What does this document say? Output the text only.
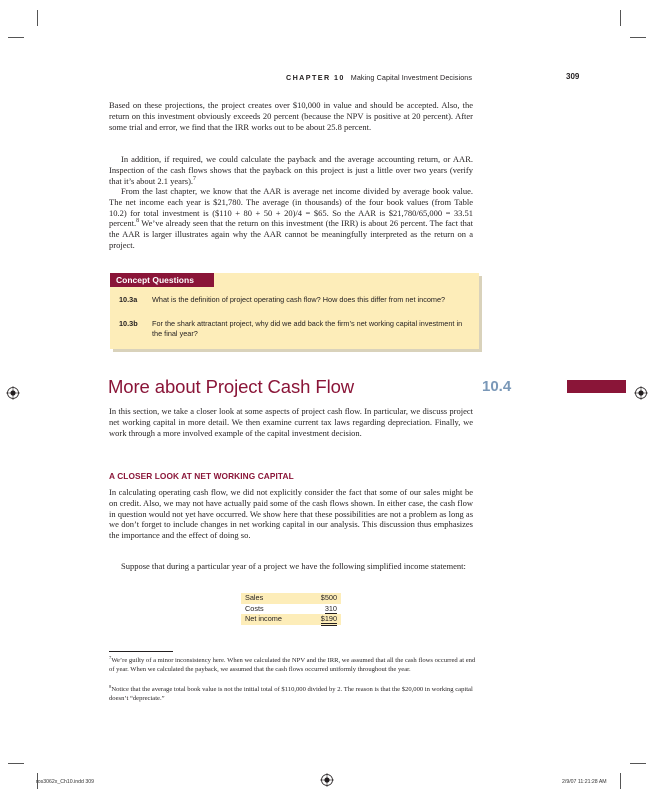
CHAPTER 10 Making Capital Investment Decisions	309

Based on these projections, the project creates over $10,000 in value and should be accepted. Also, the return on this investment obviously exceeds 20 percent (because the NPV is positive at 20 percent). After some trial and error, we find that the IRR works out to be about 25.8 percent.

In addition, if required, we could calculate the payback and the average accounting return, or AAR. Inspection of the cash flows shows that the payback on this project is just a little over two years (verify that it’s about 2.1 years).$^7$

From the last chapter, we know that the AAR is average net income divided by average book value. The net income each year is $21,780. The average (in thousands) of the four book values (from Table 10.2) for total investment is ($110 + 80 + 50 + 20)/4 = $65. So the AAR is $21,780/65,000 = 33.51 percent.$^8$ We’ve already seen that the return on this investment (the IRR) is about 26 percent. The fact that the AAR is larger illustrates again why the AAR cannot be meaningfully interpreted as the return on a project.

Concept Questions
10.3a What is the definition of project operating cash flow? How does this differ from net income?
10.3b For the shark attractant project, why did we add back the firm’s net working capital investment in the final year?
More about Project Cash Flow	10.4

In this section, we take a closer look at some aspects of project cash flow. In particular, we discuss project net working capital in more detail. We then examine current tax laws regarding depreciation. Finally, we work through a more involved example of the capital investment decision.

A CLOSER LOOK AT NET WORKING CAPITAL

In calculating operating cash flow, we did not explicitly consider the fact that some of our sales might be on credit. Also, we may not have actually paid some of the cash flows shown. In either case, the cash flow in question would not yet have occurred. We show here that these possibilities are not a problem as long as we don’t forget to include changes in net working capital in our analysis. This discussion thus emphasizes the importance and the effect of doing so.

Suppose that during a particular year of a project we have the following simplified income statement:

Sales	$500
Costs	310
Net income	$190

$^7$We’re guilty of a minor inconsistency here. When we calculated the NPV and the IRR, we assumed that all the cash flows occurred at end of year. When we calculated the payback, we assumed that the cash flows occurred uniformly throughout the year.

$^8$Notice that the average total book value is not the initial total of $110,000 divided by 2. The reason is that the $20,000 in working capital doesn’t “depreciate.”

ros3062x_Ch10.indd 309	2/9/07 11:21:28 AM
